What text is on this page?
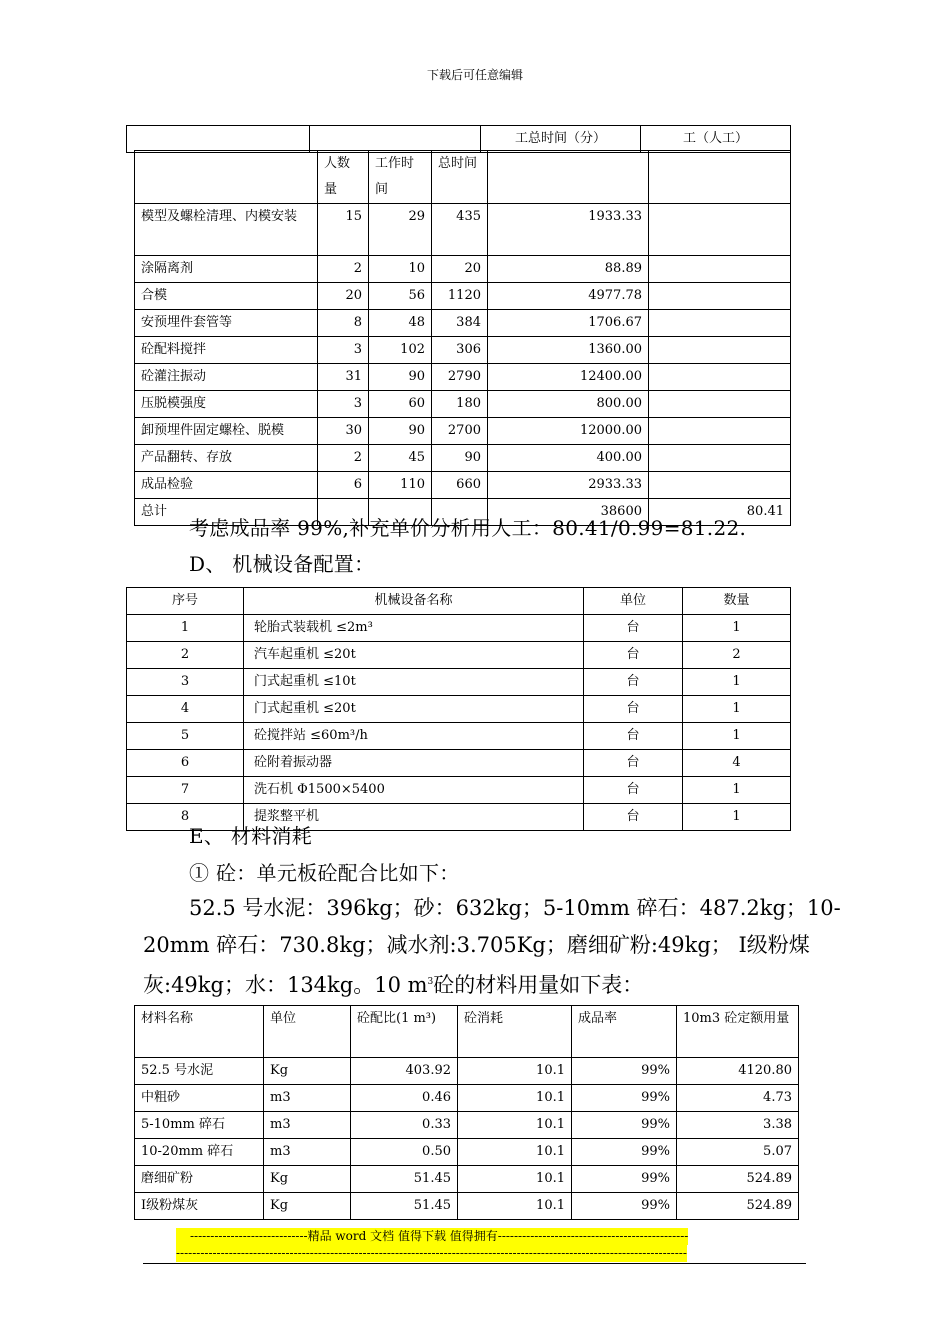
下载后可任意编辑
		工总时间（分）	工（人工）
	人数量	工作时间	总时间		
模型及螺栓清理、内模安装	15	29	435	1933.33	
涂隔离剂	2	10	20	88.89	
合模	20	56	1120	4977.78	
安预埋件套管等	8	48	384	1706.67	
砼配料搅拌	3	102	306	1360.00	
砼灌注振动	31	90	2790	12400.00	
压脱模强度	3	60	180	800.00	
卸预埋件固定螺栓、脱模	30	90	2700	12000.00	
产品翻转、存放	2	45	90	400.00	
成品检验	6	110	660	2933.33	
总计				38600	80.41
考虑成品率 99%,补充单价分析用人工：80.41/0.99=81.22.
D、 机械设备配置：
序号	机械设备名称	单位	数量
1	轮胎式装载机 ≤2m³	台	1
2	汽车起重机 ≤20t	台	2
3	门式起重机 ≤10t	台	1
4	门式起重机 ≤20t	台	1
5	砼搅拌站 ≤60m³/h	台	1
6	砼附着振动器	台	4
7	洗石机 Φ1500×5400	台	1
8	提浆整平机	台	1
E、 材料消耗
① 砼：单元板砼配合比如下：
52.5 号水泥：396kg；砂：632kg；5-10mm 碎石：487.2kg；10-
20mm 碎石：730.8kg；减水剂:3.705Kg；磨细矿粉:49kg； Ⅰ级粉煤
灰:49kg；水：134kg。10 $m^3$砼的材料用量如下表：
材料名称	单位	砼配比(1 m³)	砼消耗	成品率	10m3 砼定额用量
52.5 号水泥	Kg	403.92	10.1	99%	4120.80
中粗砂	m3	0.46	10.1	99%	4.73
5-10mm 碎石	m3	0.33	10.1	99%	3.38
10-20mm 碎石	m3	0.50	10.1	99%	5.07
磨细矿粉	Kg	51.45	10.1	99%	524.89
Ⅰ级粉煤灰	Kg	51.45	10.1	99%	524.89
-----------------------------精品 word 文档 值得下载 值得拥有-----------------------------------------------
------------------------------------------------------------------------------------------------------------------------------
